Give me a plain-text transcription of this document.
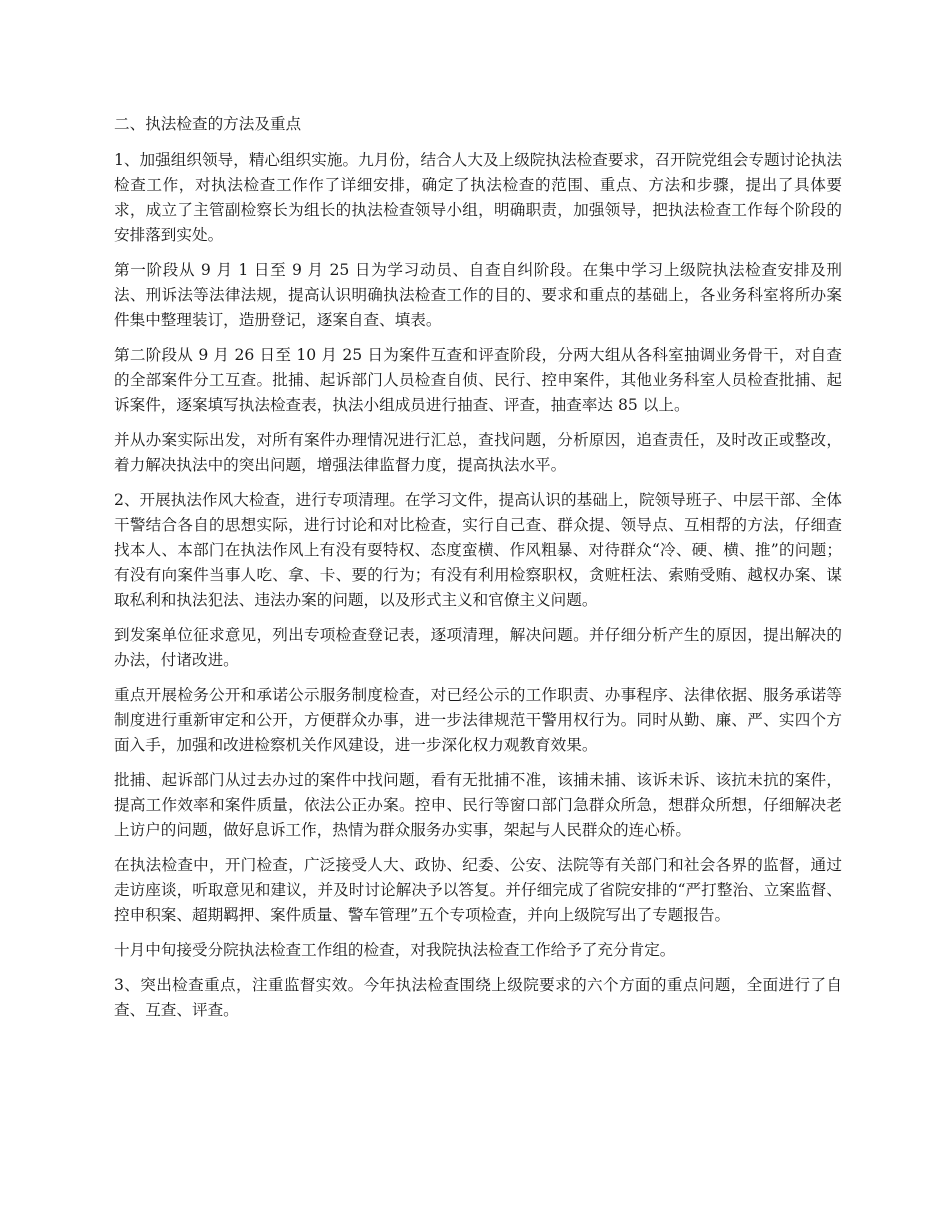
二、执法检查的方法及重点

1、加强组织领导，精心组织实施。九月份，结合人大及上级院执法检查要求，召开院党组会专题讨论执法检查工作，对执法检查工作作了详细安排，确定了执法检查的范围、重点、方法和步骤，提出了具体要求，成立了主管副检察长为组长的执法检查领导小组，明确职责，加强领导，把执法检查工作每个阶段的安排落到实处。

第一阶段从 9 月 1 日至 9 月 25 日为学习动员、自查自纠阶段。在集中学习上级院执法检查安排及刑法、刑诉法等法律法规，提高认识明确执法检查工作的目的、要求和重点的基础上，各业务科室将所办案件集中整理装订，造册登记，逐案自查、填表。

第二阶段从 9 月 26 日至 10 月 25 日为案件互查和评查阶段，分两大组从各科室抽调业务骨干，对自查的全部案件分工互查。批捕、起诉部门人员检查自侦、民行、控申案件，其他业务科室人员检查批捕、起诉案件，逐案填写执法检查表，执法小组成员进行抽查、评查，抽查率达 85 以上。

并从办案实际出发，对所有案件办理情况进行汇总，查找问题，分析原因，追查责任，及时改正或整改，着力解决执法中的突出问题，增强法律监督力度，提高执法水平。

2、开展执法作风大检查，进行专项清理。在学习文件，提高认识的基础上，院领导班子、中层干部、全体干警结合各自的思想实际，进行讨论和对比检查，实行自己查、群众提、领导点、互相帮的方法，仔细查找本人、本部门在执法作风上有没有耍特权、态度蛮横、作风粗暴、对待群众“冷、硬、横、推”的问题；有没有向案件当事人吃、拿、卡、要的行为；有没有利用检察职权，贪赃枉法、索贿受贿、越权办案、谋取私利和执法犯法、违法办案的问题，以及形式主义和官僚主义问题。

到发案单位征求意见，列出专项检查登记表，逐项清理，解决问题。并仔细分析产生的原因，提出解决的办法，付诸改进。

重点开展检务公开和承诺公示服务制度检查，对已经公示的工作职责、办事程序、法律依据、服务承诺等制度进行重新审定和公开，方便群众办事，进一步法律规范干警用权行为。同时从勤、廉、严、实四个方面入手，加强和改进检察机关作风建设，进一步深化权力观教育效果。

批捕、起诉部门从过去办过的案件中找问题，看有无批捕不准，该捕未捕、该诉未诉、该抗未抗的案件，提高工作效率和案件质量，依法公正办案。控申、民行等窗口部门急群众所急，想群众所想，仔细解决老上访户的问题，做好息诉工作，热情为群众服务办实事，架起与人民群众的连心桥。

在执法检查中，开门检查，广泛接受人大、政协、纪委、公安、法院等有关部门和社会各界的监督，通过走访座谈，听取意见和建议，并及时讨论解决予以答复。并仔细完成了省院安排的“严打整治、立案监督、控申积案、超期羁押、案件质量、警车管理”五个专项检查，并向上级院写出了专题报告。

十月中旬接受分院执法检查工作组的检查，对我院执法检查工作给予了充分肯定。

3、突出检查重点，注重监督实效。今年执法检查围绕上级院要求的六个方面的重点问题，全面进行了自查、互查、评查。
